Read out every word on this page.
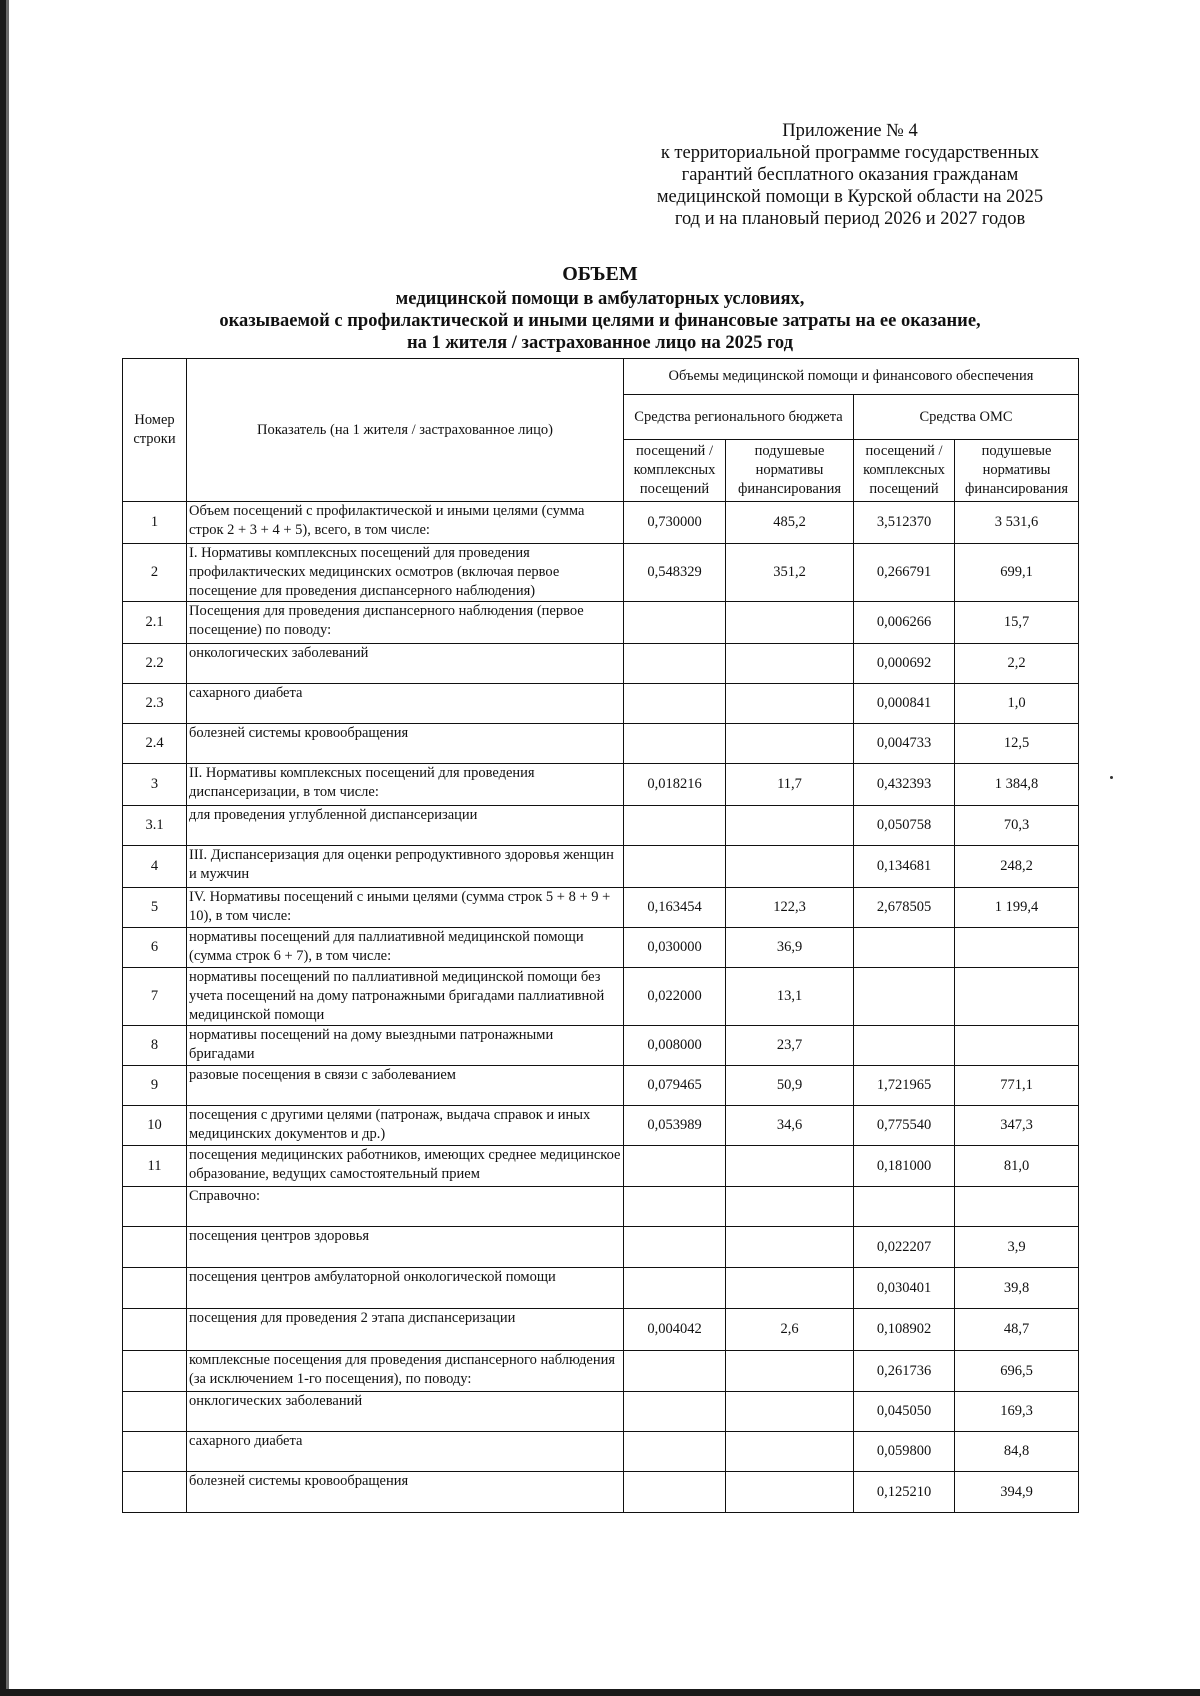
Приложение № 4
к территориальной программе государственных
гарантий бесплатного оказания гражданам
медицинской помощи в Курской области на 2025
год и на плановый период 2026 и 2027 годов
ОБЪЕМ
медицинской помощи в амбулаторных условиях,
оказываемой с профилактической и иными целями и финансовые затраты на ее оказание,
на 1 жителя / застрахованное лицо на 2025 год
Номер строки	Показатель (на 1 жителя / застрахованное лицо)	Объемы медицинской помощи и финансового обеспечения			
		Средства регионального бюджета		Средства ОМС	
		посещений / комплексных посещений	подушевые нормативы финансирования	посещений / комплексных посещений	подушевые нормативы финансирования
1	Объем посещений с профилактической и иными целями (сумма строк 2 + 3 + 4 + 5), всего, в том числе:	0,730000	485,2	3,512370	3 531,6
2	I. Нормативы комплексных посещений для проведения профилактических медицинских осмотров (включая первое посещение для проведения диспансерного наблюдения)	0,548329	351,2	0,266791	699,1
2.1	Посещения для проведения диспансерного наблюдения (первое посещение) по поводу:			0,006266	15,7
2.2	онкологических заболеваний			0,000692	2,2
2.3	сахарного диабета			0,000841	1,0
2.4	болезней системы кровообращения			0,004733	12,5
3	II. Нормативы комплексных посещений для проведения диспансеризации, в том числе:	0,018216	11,7	0,432393	1 384,8
3.1	для проведения углубленной диспансеризации			0,050758	70,3
4	III. Диспансеризация для оценки репродуктивного здоровья женщин и мужчин			0,134681	248,2
5	IV. Нормативы посещений с иными целями (сумма строк 5 + 8 + 9 + 10), в том числе:	0,163454	122,3	2,678505	1 199,4
6	нормативы посещений для паллиативной медицинской помощи (сумма строк 6 + 7), в том числе:	0,030000	36,9		
7	нормативы посещений по паллиативной медицинской помощи без учета посещений на дому патронажными бригадами паллиативной медицинской помощи	0,022000	13,1		
8	нормативы посещений на дому выездными патронажными бригадами	0,008000	23,7		
9	разовые посещения в связи с заболеванием	0,079465	50,9	1,721965	771,1
10	посещения с другими целями (патронаж, выдача справок и иных медицинских документов и др.)	0,053989	34,6	0,775540	347,3
11	посещения медицинских работников, имеющих среднее медицинское образование, ведущих самостоятельный прием			0,181000	81,0
	Справочно:				
	посещения центров здоровья			0,022207	3,9
	посещения центров амбулаторной онкологической помощи			0,030401	39,8
	посещения для проведения 2 этапа диспансеризации	0,004042	2,6	0,108902	48,7
	комплексные посещения для проведения диспансерного наблюдения (за исключением 1-го посещения), по поводу:			0,261736	696,5
	онклогических заболеваний			0,045050	169,3
	сахарного диабета			0,059800	84,8
	болезней системы кровообращения			0,125210	394,9
